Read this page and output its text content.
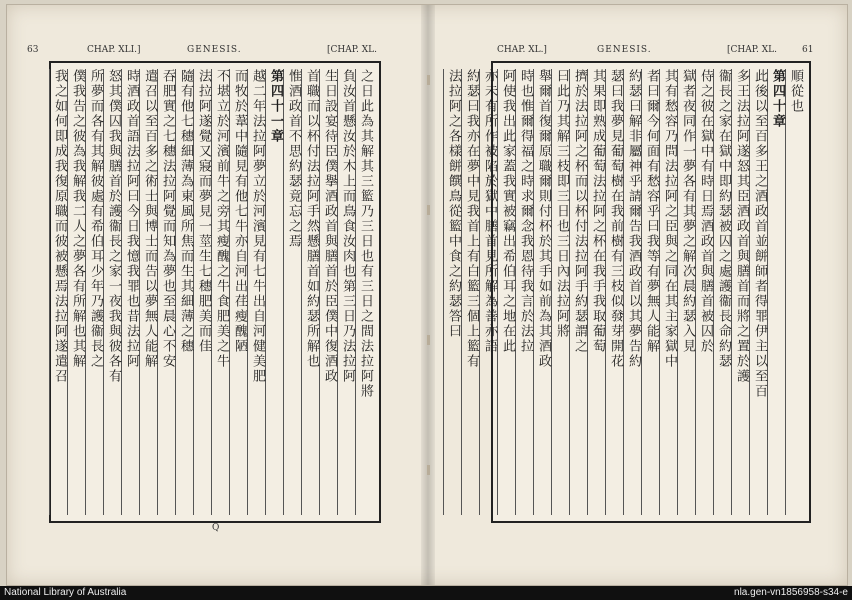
63	CHAP. XLI.]	GENESIS.	[CHAP. XL.
之日此為其解其三籃乃三日也有三日之間法拉阿將
負汝首懸汝於木上而鳥食汝肉也第三日乃法拉阿
生日設宴待臣僕擧酒政首與膳首於臣僕中復酒政
首職而以杯付法拉阿手然懸膳首如約瑟所解也
惟酒政首不思約瑟竟忘之焉
第四十一章
越二年法拉阿夢立於河濱見有七牛出自河健美肥
而牧於葦中隨見有他七牛亦自河出荏瘦醜陋
不堪立於河濱前牛之旁其瘦醜之牛食肥美之牛
法拉阿遂覺又寢而夢見一莖生七穗肥美而佳
隨有他七穗細薄為東風所焦而生其細薄之穗
吞肥實之七穗法拉阿覺而知為夢也至晨心不安
遣召以至百多之術士與博士而告以夢無人能解
時酒政首語法拉阿曰今日我憶我罪也昔法拉阿
怒其僕囚我與膳首於護衞長之家一夜我與彼各有
所夢而各有其解彼處有希伯耳少年乃護衞長之
僕我告之彼為我解我二人之夢各有所解也其解
我之如何即成我復原職而彼被懸焉法拉阿遂遣召
Q
CHAP. XL.]	GENESIS.	[CHAP. XL.	61
順從也
第四十章
此後以至百多王之酒政首並餅師者得罪伊主以至百
多王法拉阿遂怒其臣酒政首與膳首而將之置於護
衞長之家在獄中即約瑟被囚之處護衞長命約瑟
侍之彼在獄中有時日焉酒政首與膳首被囚於
獄者夜同作一夢各有其夢之解次晨約瑟入見
其有愁容乃問法拉阿之臣與之同在其主家獄中
者曰爾今何面有愁容乎曰我等有夢無人能解
約瑟曰解非屬神乎請爾告我酒政首以其夢告約
瑟曰我夢見葡萄樹在我前樹有三枝似發芽開花
其果即熟成葡萄法拉阿之杯在我手我取葡萄
擠於法拉阿之杯而以杯付法拉阿手約瑟謂之
曰此乃其解三枝即三日也三日內法拉阿將
舉爾首復爾原職爾則付杯於其手如前為其酒政
時也惟爾得福之時求爾念我恩待我言於法拉
阿使我出此家蓋我實被竊出希伯耳之地在此
亦未有所作被陷於獄中膳首見所解為善亦語
約瑟曰我亦在夢中見我首上有白籃三個上籃有
法拉阿之各樣餅饌鳥從籃中食之約瑟答曰
National Library of Australia	nla.gen-vn1856958-s34-e
